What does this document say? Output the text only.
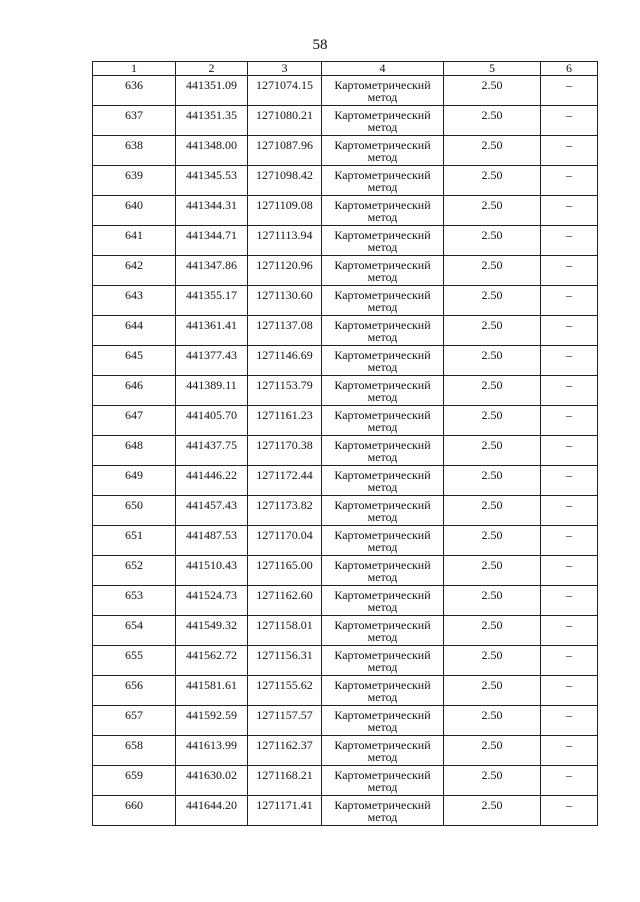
58
1	2	3	4	5	6
636	441351.09	1271074.15	Картометрический метод	2.50	–
637	441351.35	1271080.21	Картометрический метод	2.50	–
638	441348.00	1271087.96	Картометрический метод	2.50	–
639	441345.53	1271098.42	Картометрический метод	2.50	–
640	441344.31	1271109.08	Картометрический метод	2.50	–
641	441344.71	1271113.94	Картометрический метод	2.50	–
642	441347.86	1271120.96	Картометрический метод	2.50	–
643	441355.17	1271130.60	Картометрический метод	2.50	–
644	441361.41	1271137.08	Картометрический метод	2.50	–
645	441377.43	1271146.69	Картометрический метод	2.50	–
646	441389.11	1271153.79	Картометрический метод	2.50	–
647	441405.70	1271161.23	Картометрический метод	2.50	–
648	441437.75	1271170.38	Картометрический метод	2.50	–
649	441446.22	1271172.44	Картометрический метод	2.50	–
650	441457.43	1271173.82	Картометрический метод	2.50	–
651	441487.53	1271170.04	Картометрический метод	2.50	–
652	441510.43	1271165.00	Картометрический метод	2.50	–
653	441524.73	1271162.60	Картометрический метод	2.50	–
654	441549.32	1271158.01	Картометрический метод	2.50	–
655	441562.72	1271156.31	Картометрический метод	2.50	–
656	441581.61	1271155.62	Картометрический метод	2.50	–
657	441592.59	1271157.57	Картометрический метод	2.50	–
658	441613.99	1271162.37	Картометрический метод	2.50	–
659	441630.02	1271168.21	Картометрический метод	2.50	–
660	441644.20	1271171.41	Картометрический метод	2.50	–
